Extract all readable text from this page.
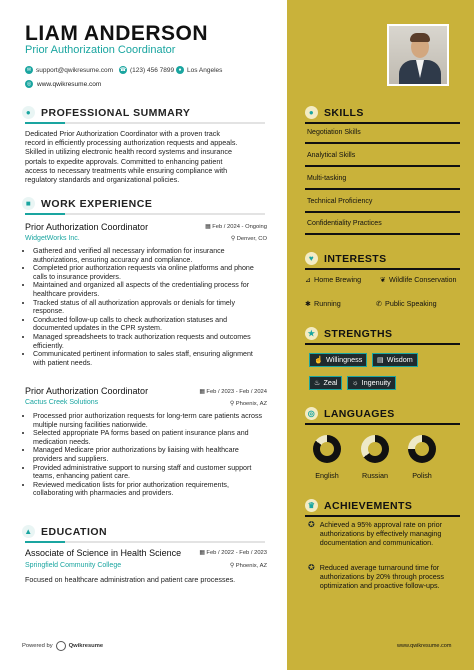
LIAM ANDERSON
Prior Authorization Coordinator
✉ support@qwikresume.com ☎ (123) 456 7899 ● Los Angeles
◎ www.qwikresume.com
● PROFESSIONAL SUMMARY
Dedicated Prior Authorization Coordinator with a proven track
record in efficiently processing authorization requests and appeals.
Skilled in utilizing electronic health record systems and insurance
portals to expedite approvals. Committed to enhancing patient
access to necessary treatments while ensuring compliance with
regulatory standards and organizational policies.
■ WORK EXPERIENCE
Prior Authorization Coordinator
WidgetWorks Inc.
▦ Feb / 2024 - Ongoing
⚲ Denver, CO
• Gathered and verified all necessary information for insurance authorizations, ensuring accuracy and compliance.
• Completed prior authorization requests via online platforms and phone calls to insurance providers.
• Maintained and organized all aspects of the credentialing process for healthcare providers.
• Tracked status of all authorization approvals or denials for timely response.
• Conducted follow-up calls to check authorization statuses and documented updates in the CPR system.
• Managed spreadsheets to track authorization requests and outcomes efficiently.
• Communicated pertinent information to sales staff, ensuring alignment with patient needs.
Prior Authorization Coordinator
Cactus Creek Solutions
▦ Feb / 2023 - Feb / 2024
⚲ Phoenix, AZ
• Processed prior authorization requests for long-term care patients across multiple nursing facilities nationwide.
• Selected appropriate PA forms based on patient insurance plans and medication needs.
• Managed Medicare prior authorizations by liaising with healthcare providers and suppliers.
• Provided administrative support to nursing staff and customer support teams, enhancing patient care.
• Reviewed medication lists for prior authorization requirements, collaborating with pharmacies and providers.
▲ EDUCATION
Associate of Science in Health Science
Springfield Community College
▦ Feb / 2022 - Feb / 2023
⚲ Phoenix, AZ
Focused on healthcare administration and patient care processes.
● SKILLS
Negotiation Skills
Analytical Skills
Multi-tasking
Technical Proficiency
Confidentiality Practices
♥ INTERESTS
⊿ Home Brewing	❦ Wildlife Conservation
✱ Running	✆ Public Speaking
★ STRENGTHS
☝ Willingness ▤ Wisdom
♨ Zeal ☼ Ingenuity
◎ LANGUAGES
English	Russian	Polish
♛ ACHIEVEMENTS
✪ Achieved a 95% approval rate on prior authorizations by effectively managing documentation and communication.
✪ Reduced average turnaround time for authorizations by 20% through process optimization and proactive follow-ups.
Powered by	Qwikresume	www.qwikresume.com
